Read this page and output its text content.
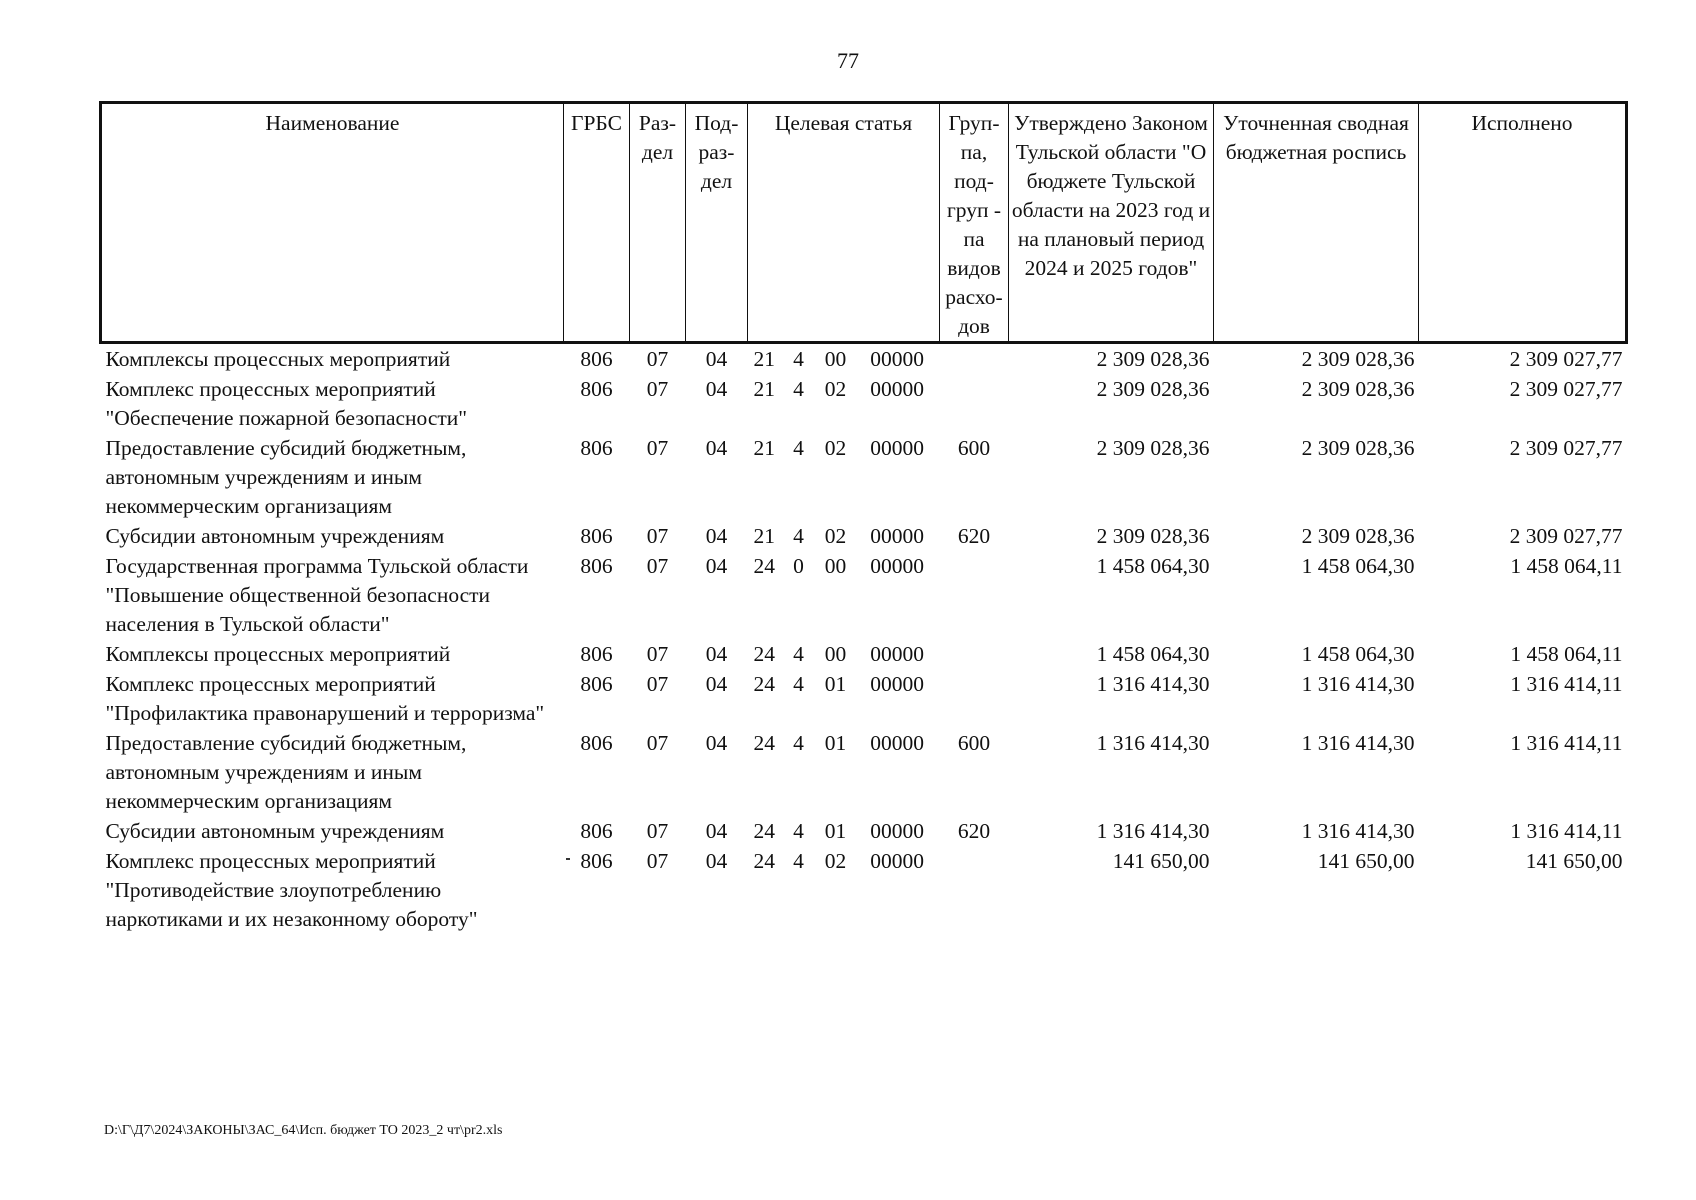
77
Наименование	ГРБС	Раз- дел	Под- раз- дел	Целевая статья	Груп- па, под- груп - па видов расхо- дов	Утверждено Законом Тульской области "О бюджете Тульской области на 2023 год и на плановый период 2024 и 2025 годов"	Уточненная сводная бюджетная роспись	Исполнено
Комплексы процессных мероприятий	806	07	04	21 4 00 00000		2 309 028,36	2 309 028,36	2 309 027,77
Комплекс процессных мероприятий "Обеспечение пожарной безопасности"	806	07	04	21 4 02 00000		2 309 028,36	2 309 028,36	2 309 027,77
Предоставление субсидий бюджетным, автономным учреждениям и иным некоммерческим организациям	806	07	04	21 4 02 00000	600	2 309 028,36	2 309 028,36	2 309 027,77
Субсидии автономным учреждениям	806	07	04	21 4 02 00000	620	2 309 028,36	2 309 028,36	2 309 027,77
Государственная программа Тульской области "Повышение общественной безопасности населения в Тульской области"	806	07	04	24 0 00 00000		1 458 064,30	1 458 064,30	1 458 064,11
Комплексы процессных мероприятий	806	07	04	24 4 00 00000		1 458 064,30	1 458 064,30	1 458 064,11
Комплекс процессных мероприятий "Профилактика правонарушений и терроризма"	806	07	04	24 4 01 00000		1 316 414,30	1 316 414,30	1 316 414,11
Предоставление субсидий бюджетным, автономным учреждениям и иным некоммерческим организациям	806	07	04	24 4 01 00000	600	1 316 414,30	1 316 414,30	1 316 414,11
Субсидии автономным учреждениям	806	07	04	24 4 01 00000	620	1 316 414,30	1 316 414,30	1 316 414,11
Комплекс процессных мероприятий "Противодействие злоупотреблению наркотиками и их незаконному обороту"	806	07	04	24 4 02 00000		141 650,00	141 650,00	141 650,00
D:\Г\Д7\2024\ЗАКОНЫ\ЗАС_64\Исп. бюджет ТО 2023_2 чт\pr2.xls
